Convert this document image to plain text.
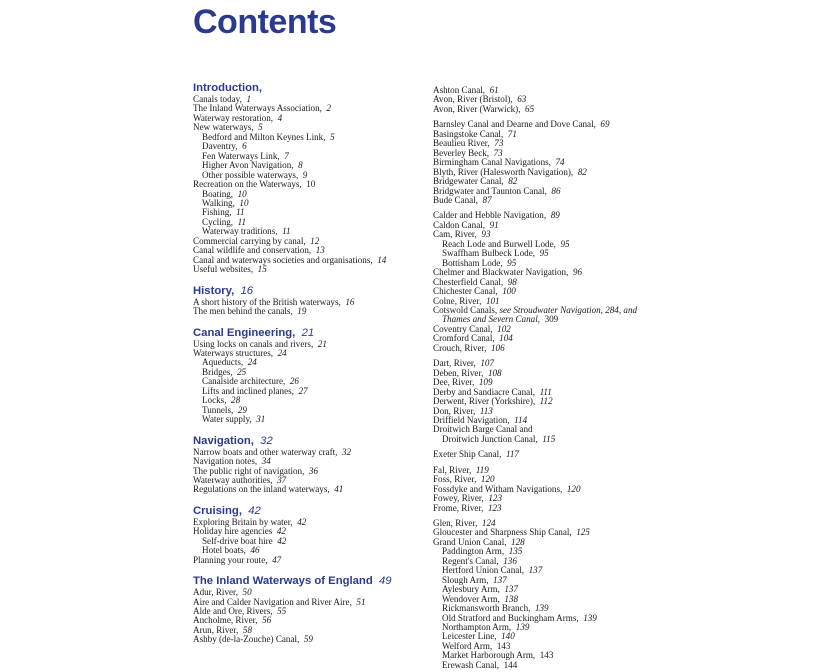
Contents
Introduction,
Canals today, 1
The Inland Waterways Association, 2
Waterway restoration, 4
New waterways, 5
Bedford and Milton Keynes Link, 5
Daventry, 6
Fen Waterways Link, 7
Higher Avon Navigation, 8
Other possible waterways, 9
Recreation on the Waterways, 10
Boating, 10
Walking, 10
Fishing, 11
Cycling, 11
Waterway traditions, 11
Commercial carrying by canal, 12
Canal wildlife and conservation, 13
Canal and waterways societies and organisations, 14
Useful websites, 15
History, 16
A short history of the British waterways, 16
The men behind the canals, 19
Canal Engineering, 21
Using locks on canals and rivers, 21
Waterways structures, 24
Aqueducts, 24
Bridges, 25
Canalside architecture, 26
Lifts and inclined planes, 27
Locks, 28
Tunnels, 29
Water supply, 31
Navigation, 32
Narrow boats and other waterway craft, 32
Navigation notes, 34
The public right of navigation, 36
Waterway authorities, 37
Regulations on the inland waterways, 41
Cruising, 42
Exploring Britain by water, 42
Holiday hire agencies 42
Self-drive boat hire 42
Hotel boats, 46
Planning your route, 47
The Inland Waterways of England 49
Adur, River, 50
Aire and Calder Navigation and River Aire, 51
Alde and Ore, Rivers, 55
Ancholme, River, 56
Arun, River, 58
Ashby (de-la-Zouche) Canal, 59
Ashton Canal, 61
Avon, River (Bristol), 63
Avon, River (Warwick), 65
Barnsley Canal and Dearne and Dove Canal, 69
Basingstoke Canal, 71
Beaulieu River, 73
Beverley Beck, 73
Birmingham Canal Navigations, 74
Blyth, River (Halesworth Navigation), 82
Bridgewater Canal, 82
Bridgwater and Taunton Canal, 86
Bude Canal, 87
Calder and Hebble Navigation, 89
Caldon Canal, 91
Cam, River, 93
Reach Lode and Burwell Lode, 95
Swaffham Bulbeck Lode, 95
Bottisham Lode, 95
Chelmer and Blackwater Navigation, 96
Chesterfield Canal, 98
Chichester Canal, 100
Colne, River, 101
Cotswold Canals, see Stroudwater Navigation, 284, and
Thames and Severn Canal, 309
Coventry Canal, 102
Cromford Canal, 104
Crouch, River, 106
Dart, River, 107
Deben, River, 108
Dee, River, 109
Derby and Sandiacre Canal, 111
Derwent, River (Yorkshire), 112
Don, River, 113
Driffield Navigation, 114
Droitwich Barge Canal and
Droitwich Junction Canal, 115
Exeter Ship Canal, 117
Fal, River, 119
Foss, River, 120
Fossdyke and Witham Navigations, 120
Fowey, River, 123
Frome, River, 123
Glen, River, 124
Gloucester and Sharpness Ship Canal, 125
Grand Union Canal, 128
Paddington Arm, 135
Regent's Canal, 136
Hertford Union Canal, 137
Slough Arm, 137
Aylesbury Arm, 137
Wendover Arm, 138
Rickmansworth Branch, 139
Old Stratford and Buckingham Arms, 139
Northampton Arm, 139
Leicester Line, 140
Welford Arm, 143
Market Harborough Arm, 143
Erewash Canal, 144
